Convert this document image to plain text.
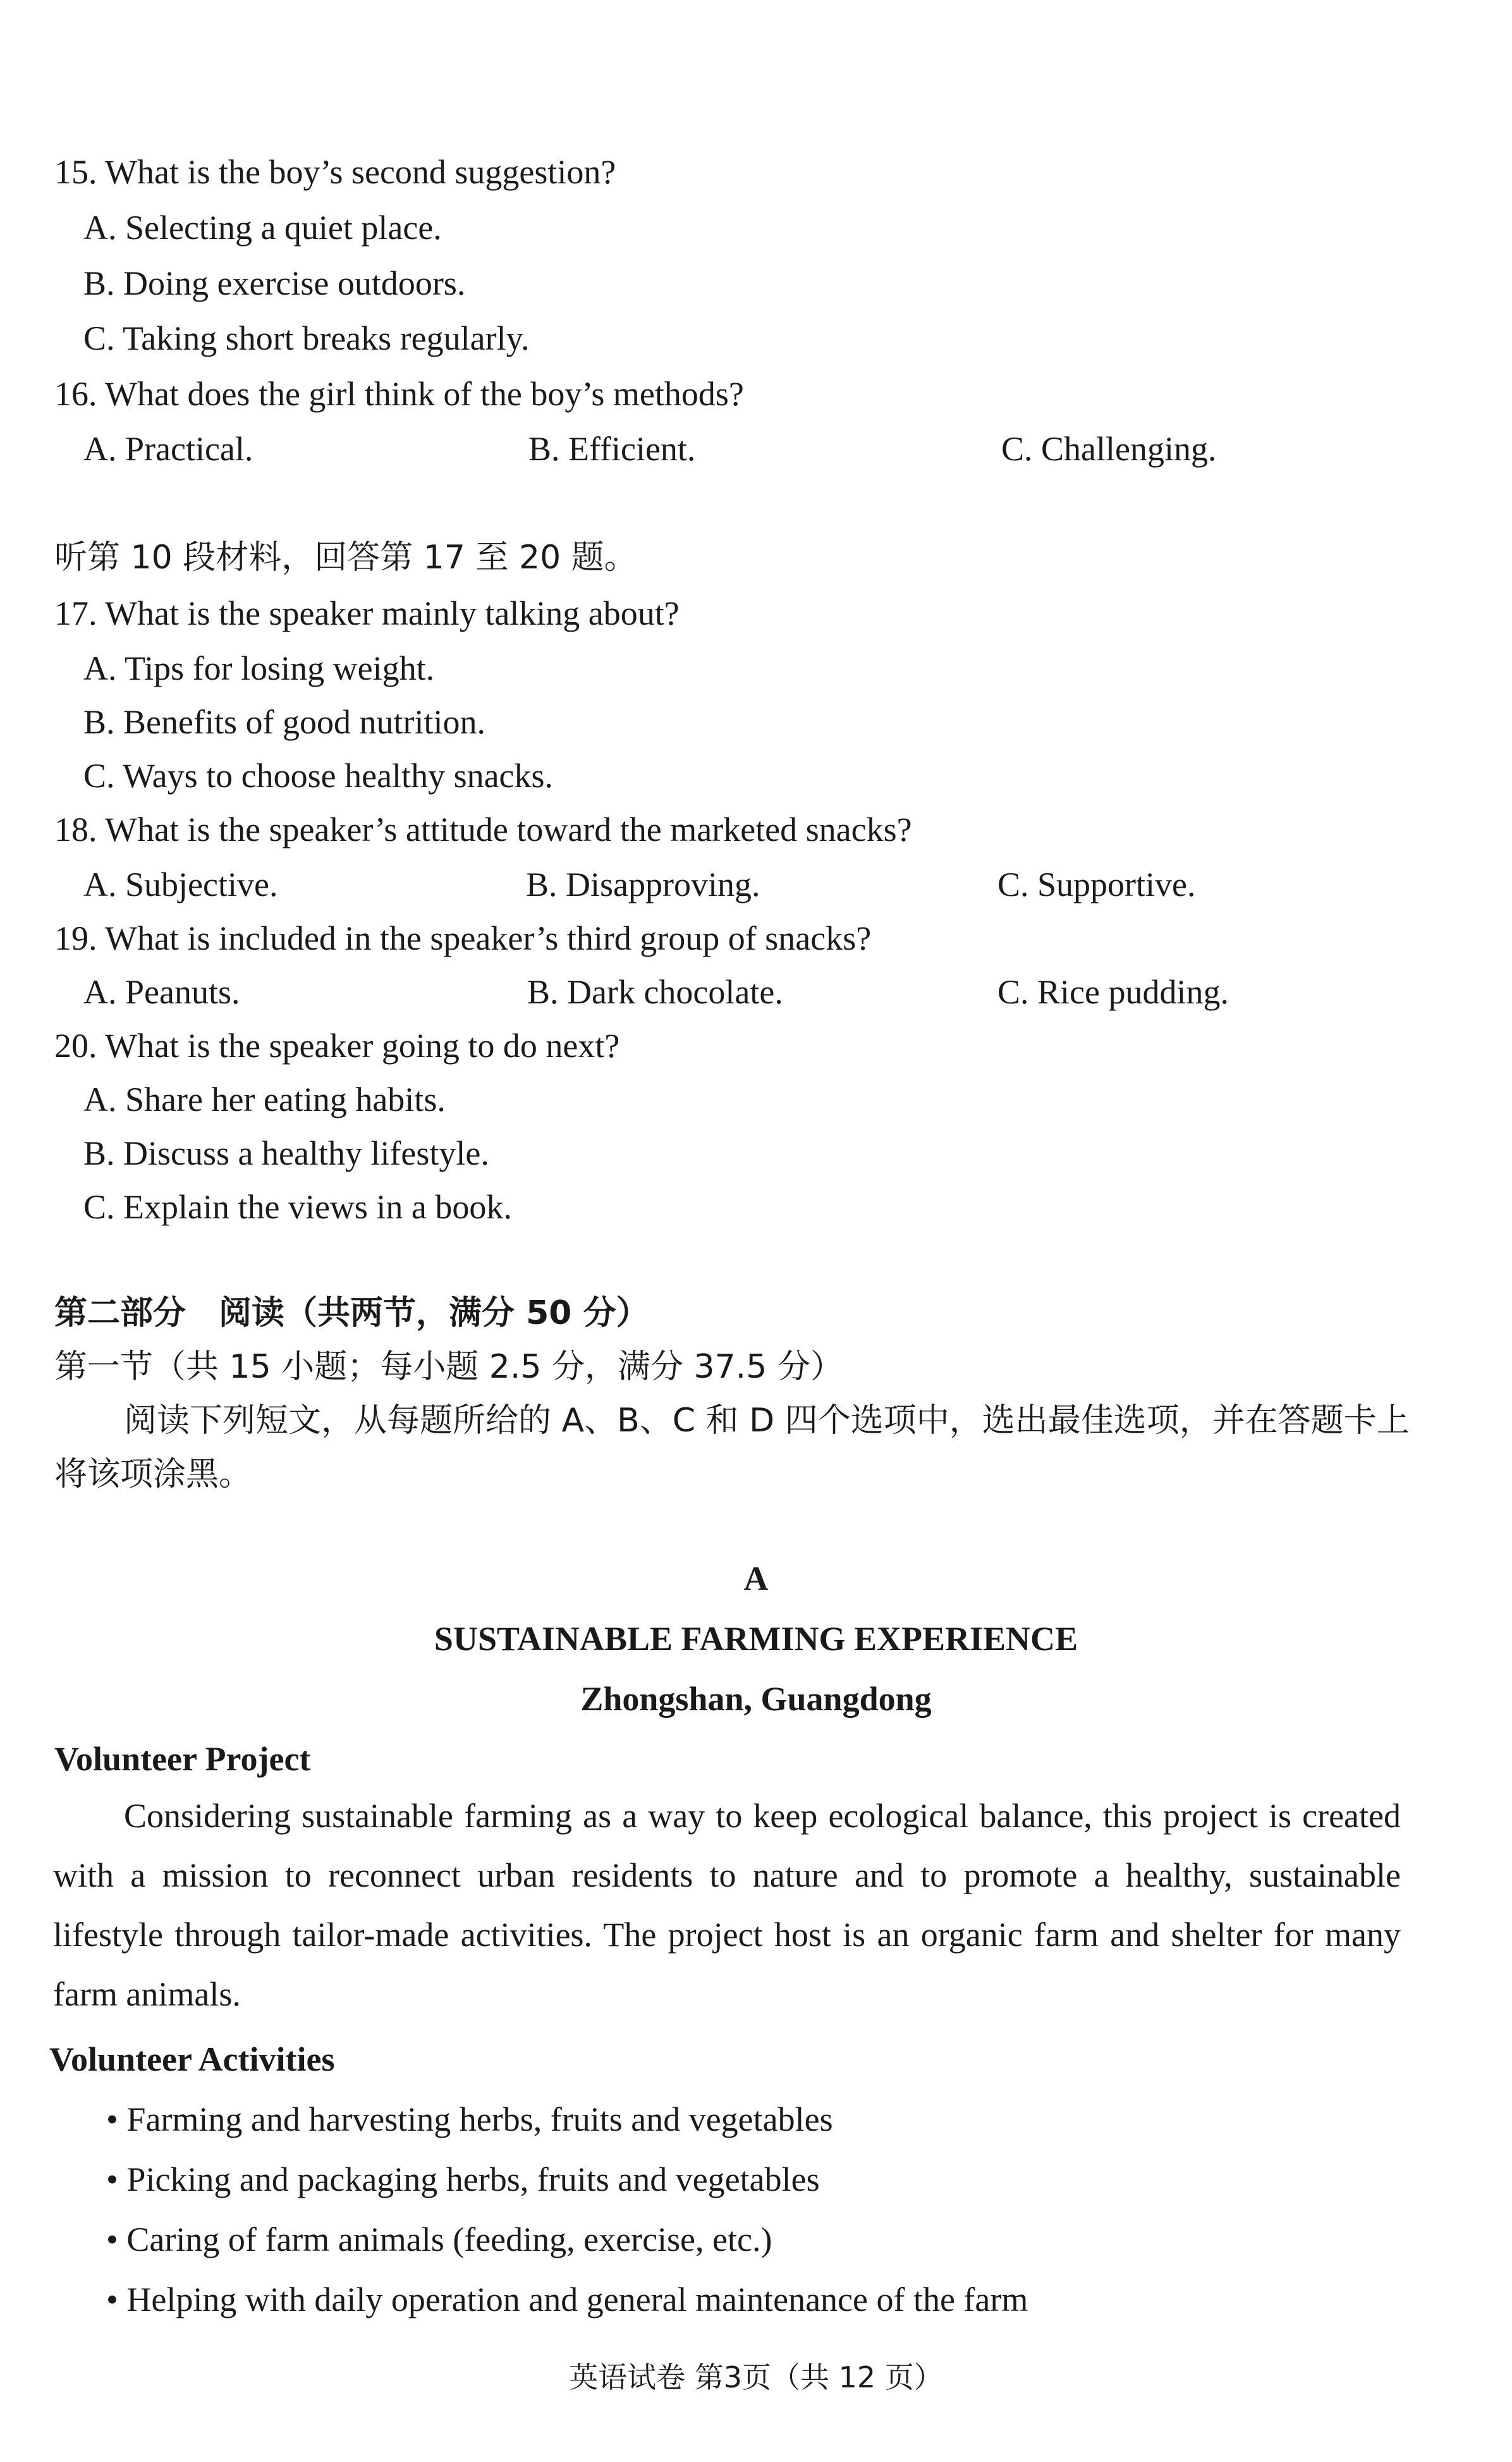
15. What is the boy’s second suggestion?
A. Selecting a quiet place.
B. Doing exercise outdoors.
C. Taking short breaks regularly.
16. What does the girl think of the boy’s methods?
A. Practical.	B. Efficient.	C. Challenging.
听第 10 段材料，回答第 17 至 20 题。
17. What is the speaker mainly talking about?
A. Tips for losing weight.
B. Benefits of good nutrition.
C. Ways to choose healthy snacks.
18. What is the speaker’s attitude toward the marketed snacks?
A. Subjective.	B. Disapproving.	C. Supportive.
19. What is included in the speaker’s third group of snacks?
A. Peanuts.	B. Dark chocolate.	C. Rice pudding.
20. What is the speaker going to do next?
A. Share her eating habits.
B. Discuss a healthy lifestyle.
C. Explain the views in a book.
第二部分　阅读（共两节，满分 50 分）
第一节（共 15 小题；每小题 2.5 分，满分 37.5 分）
阅读下列短文，从每题所给的 A、B、C 和 D 四个选项中，选出最佳选项，并在答题卡上
将该项涂黑。
A
SUSTAINABLE FARMING EXPERIENCE
Zhongshan, Guangdong
Volunteer Project
Considering sustainable farming as a way to keep ecological balance, this project is created with a mission to reconnect urban residents to nature and to promote a healthy, sustainable lifestyle through tailor-made activities. The project host is an organic farm and shelter for many farm animals.
Volunteer Activities
• Farming and harvesting herbs, fruits and vegetables
• Picking and packaging herbs, fruits and vegetables
• Caring of farm animals (feeding, exercise, etc.)
• Helping with daily operation and general maintenance of the farm
英语试卷 第3页（共 12 页）
